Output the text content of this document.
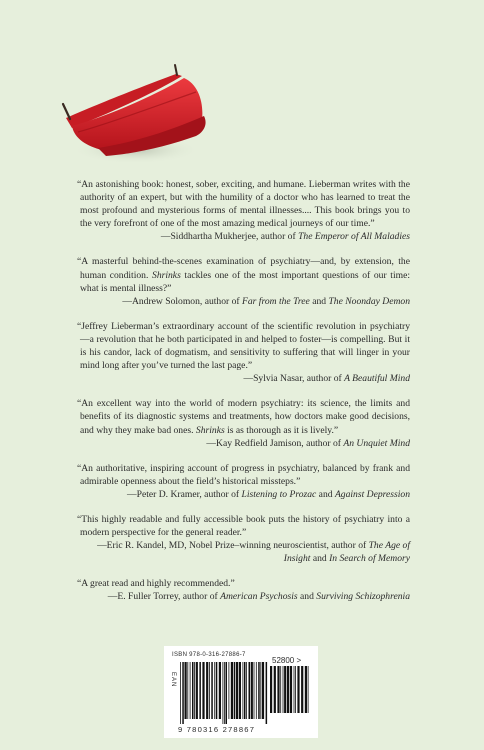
“An astonishing book: honest, sober, exciting, and humane. Lieberman writes with the authority of an expert, but with the humility of a doctor who has learned to treat the most profound and mysterious forms of mental illnesses.... This book brings you to the very forefront of one of the most amazing medical journeys of our time.”

—Siddhartha Mukherjee, author of The Emperor of All Maladies

“A masterful behind-the-scenes examination of psychiatry—and, by extension, the human condition. Shrinks tackles one of the most important questions of our time: what is mental illness?”

—Andrew Solomon, author of Far from the Tree and The Noonday Demon

“Jeffrey Lieberman’s extraordinary account of the scientific revolution in psychiatry—a revolution that he both participated in and helped to foster—is compelling. But it is his candor, lack of dogmatism, and sensitivity to suffering that will linger in your mind long after you’ve turned the last page.”

—Sylvia Nasar, author of A Beautiful Mind

“An excellent way into the world of modern psychiatry: its science, the limits and benefits of its diagnostic systems and treatments, how doctors make good decisions, and why they make bad ones. Shrinks is as thorough as it is lively.”

—Kay Redfield Jamison, author of An Unquiet Mind

“An authoritative, inspiring account of progress in psychiatry, balanced by frank and admirable openness about the field’s historical missteps.”

—Peter D. Kramer, author of Listening to Prozac and Against Depression

“This highly readable and fully accessible book puts the history of psychiatry into a modern perspective for the general reader.”

—Eric R. Kandel, MD, Nobel Prize–winning neuroscientist, author of The Age of Insight and In Search of Memory

“A great read and highly recommended.”

—E. Fuller Torrey, author of American Psychosis and Surviving Schizophrenia

ISBN 978-0-316-27886-7
52800 >
EAN
9 780316 278867
